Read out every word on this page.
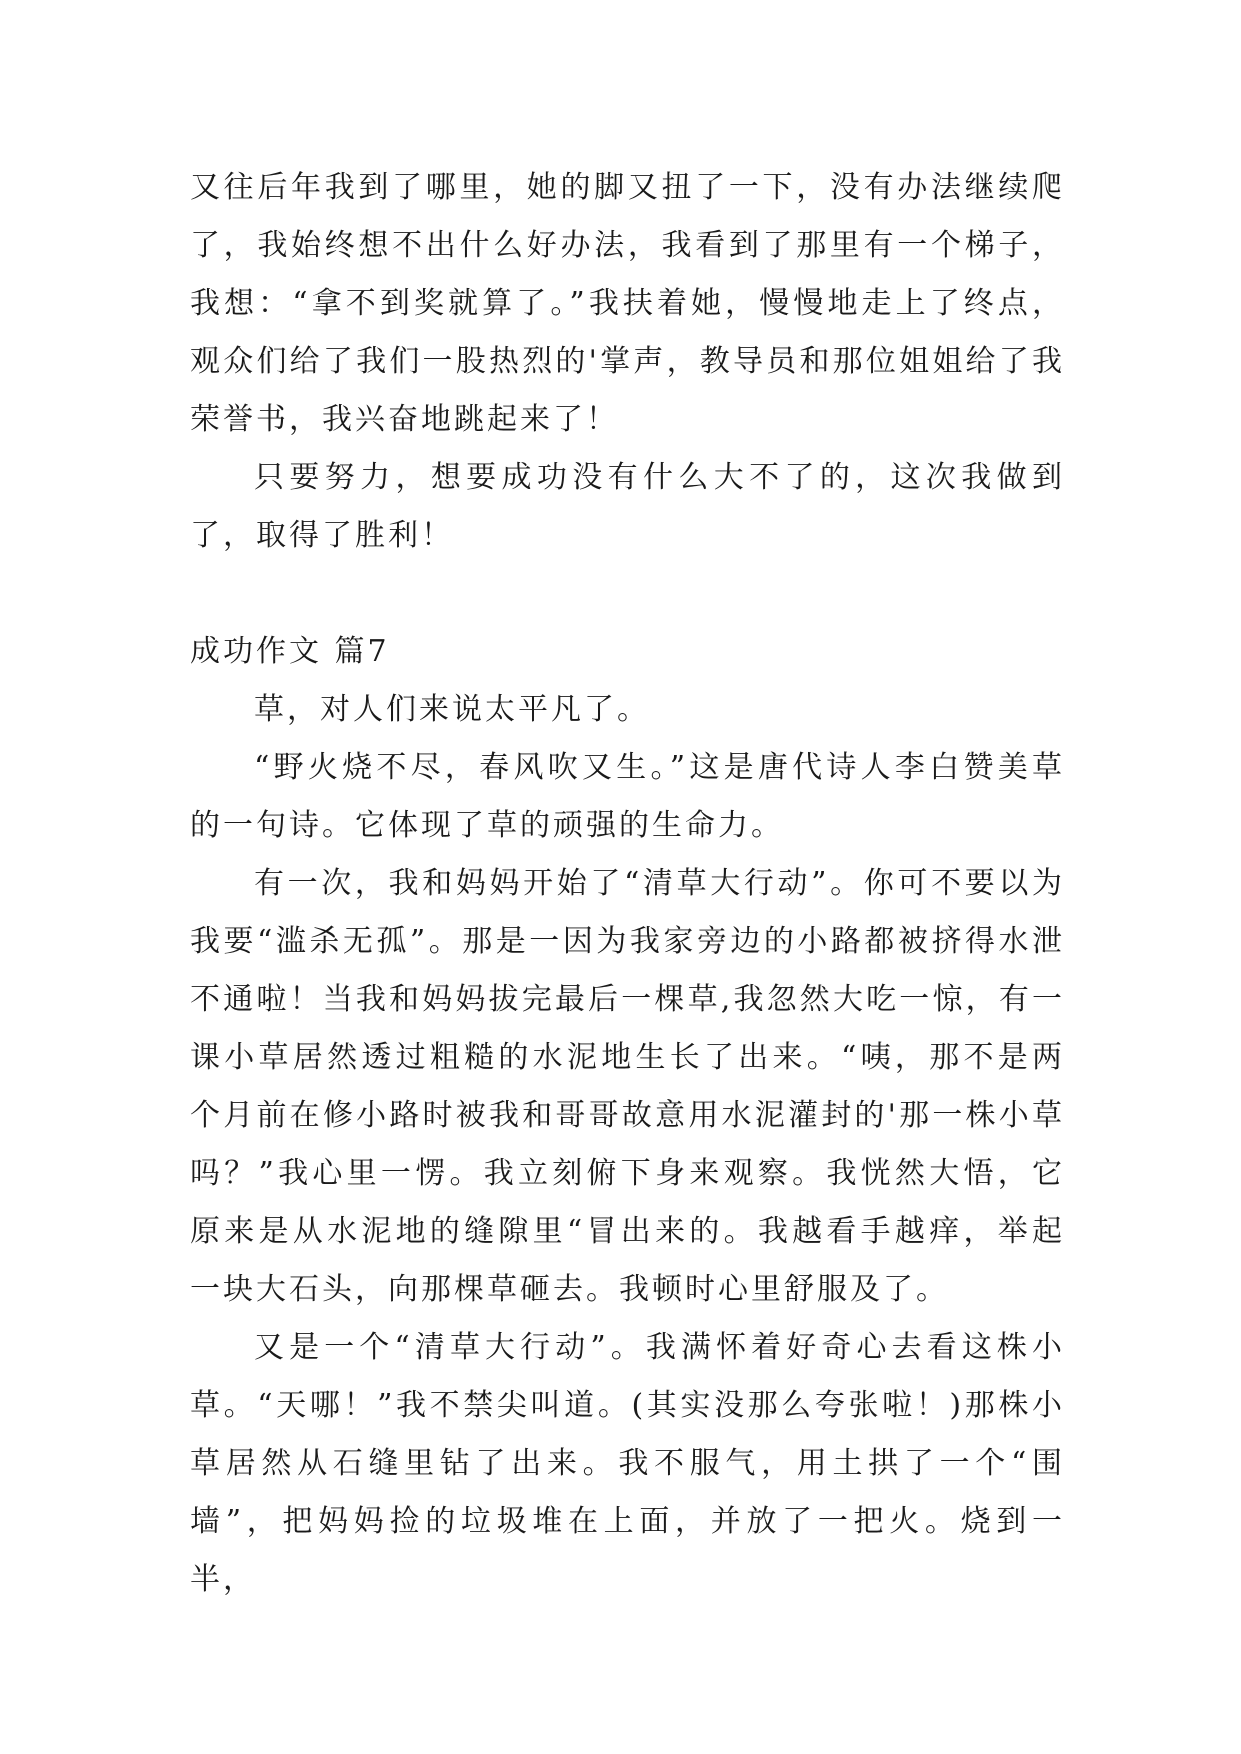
又往后年我到了哪里，她的脚又扭了一下，没有办法继续爬了，我始终想不出什么好办法，我看到了那里有一个梯子，我想：“拿不到奖就算了。”我扶着她，慢慢地走上了终点，观众们给了我们一股热烈的'掌声，教导员和那位姐姐给了我荣誉书，我兴奋地跳起来了！

只要努力，想要成功没有什么大不了的，这次我做到了，取得了胜利！

成功作文 篇7

草，对人们来说太平凡了。

“野火烧不尽，春风吹又生。”这是唐代诗人李白赞美草的一句诗。它体现了草的顽强的生命力。

有一次，我和妈妈开始了“清草大行动”。你可不要以为我要“滥杀无孤”。那是一因为我家旁边的小路都被挤得水泄不通啦！当我和妈妈拔完最后一棵草,我忽然大吃一惊，有一课小草居然透过粗糙的水泥地生长了出来。“咦，那不是两个月前在修小路时被我和哥哥故意用水泥灌封的'那一株小草吗？”我心里一愣。我立刻俯下身来观察。我恍然大悟，它原来是从水泥地的缝隙里“冒出来的。我越看手越痒，举起一块大石头，向那棵草砸去。我顿时心里舒服及了。

又是一个“清草大行动”。我满怀着好奇心去看这株小草。“天哪！”我不禁尖叫道。(其实没那么夸张啦！)那株小草居然从石缝里钻了出来。我不服气，用土拱了一个“围墙”，把妈妈捡的垃圾堆在上面，并放了一把火。烧到一半，
